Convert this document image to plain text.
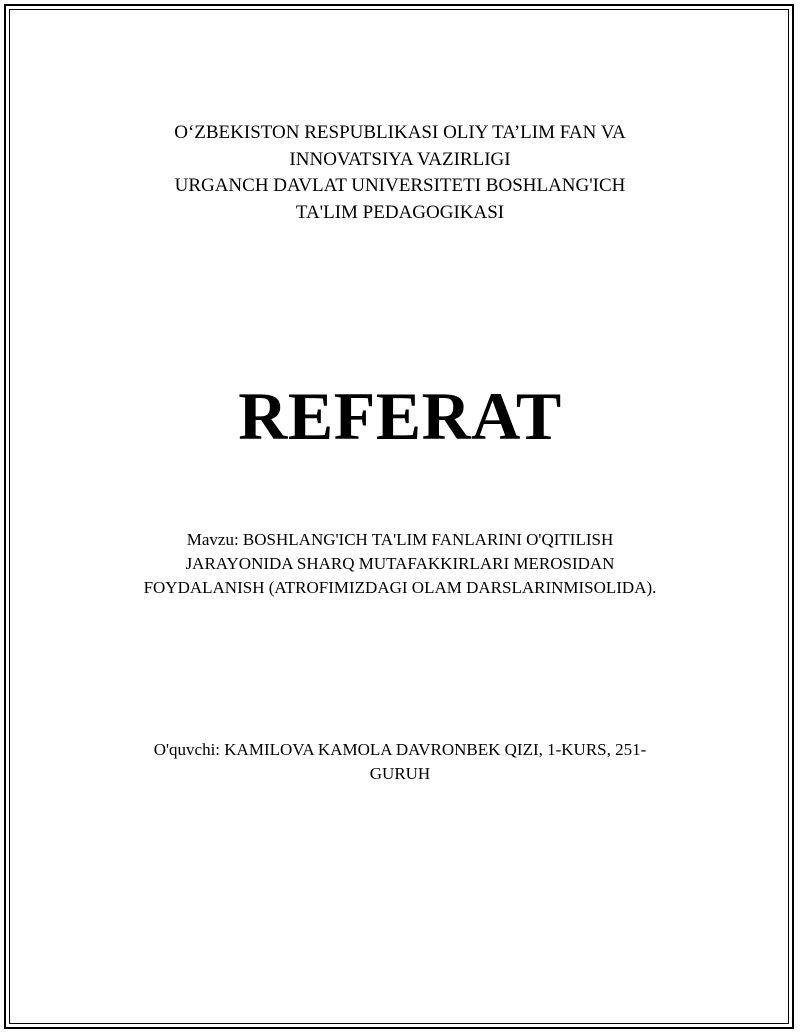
O‘ZBEKISTON RESPUBLIKASI OLIY TA’LIM FAN VA
INNOVATSIYA VAZIRLIGI
URGANCH DAVLAT UNIVERSITETI BOSHLANG'ICH
TA'LIM PEDAGOGIKASI
REFERAT
Mavzu: BOSHLANG'ICH TA'LIM FANLARINI O'QITILISH
JARAYONIDA SHARQ MUTAFAKKIRLARI MEROSIDAN
FOYDALANISH (ATROFIMIZDAGI OLAM DARSLARINMISOLIDA).
O'quvchi: KAMILOVA KAMOLA DAVRONBEK QIZI, 1-KURS, 251-
GURUH
